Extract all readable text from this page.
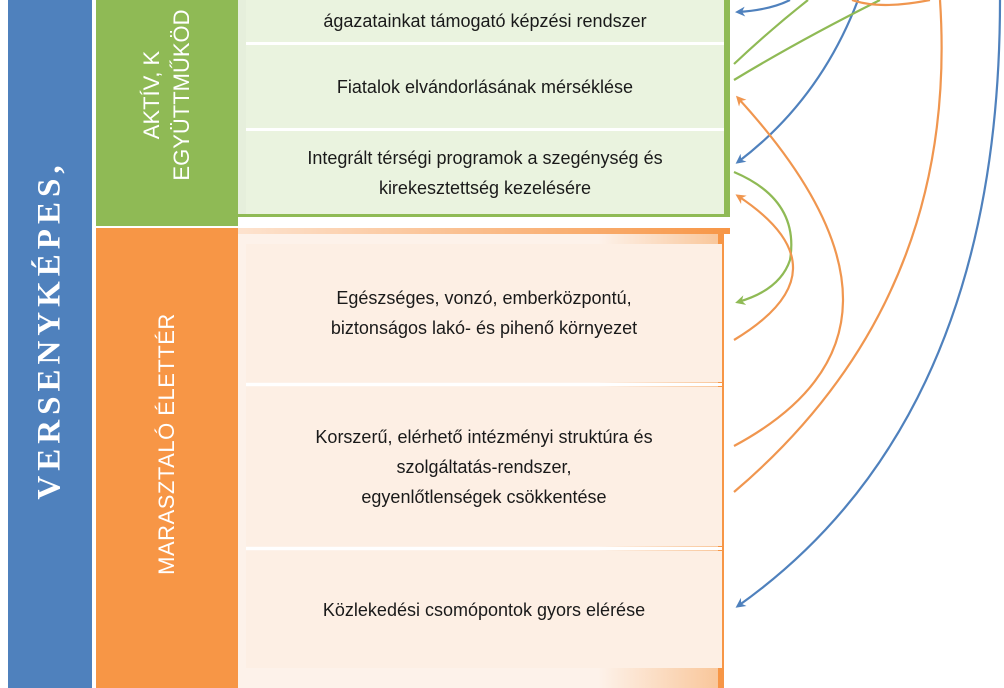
VERSENYKÉPES,
AKTÍV, K EGYÜTTMŰKÖD
MARASZTALÓ ÉLETTÉR
ágazatainkat támogató képzési rendszer
Fiatalok elvándorlásának mérséklése
Integrált térségi programok a szegénység és
kirekesztettség kezelésére
Egészséges, vonzó, emberközpontú,
biztonságos lakó- és pihenő környezet
Korszerű, elérhető intézményi struktúra és
szolgáltatás-rendszer,
egyenlőtlenségek csökkentése
Közlekedési csomópontok gyors elérése
